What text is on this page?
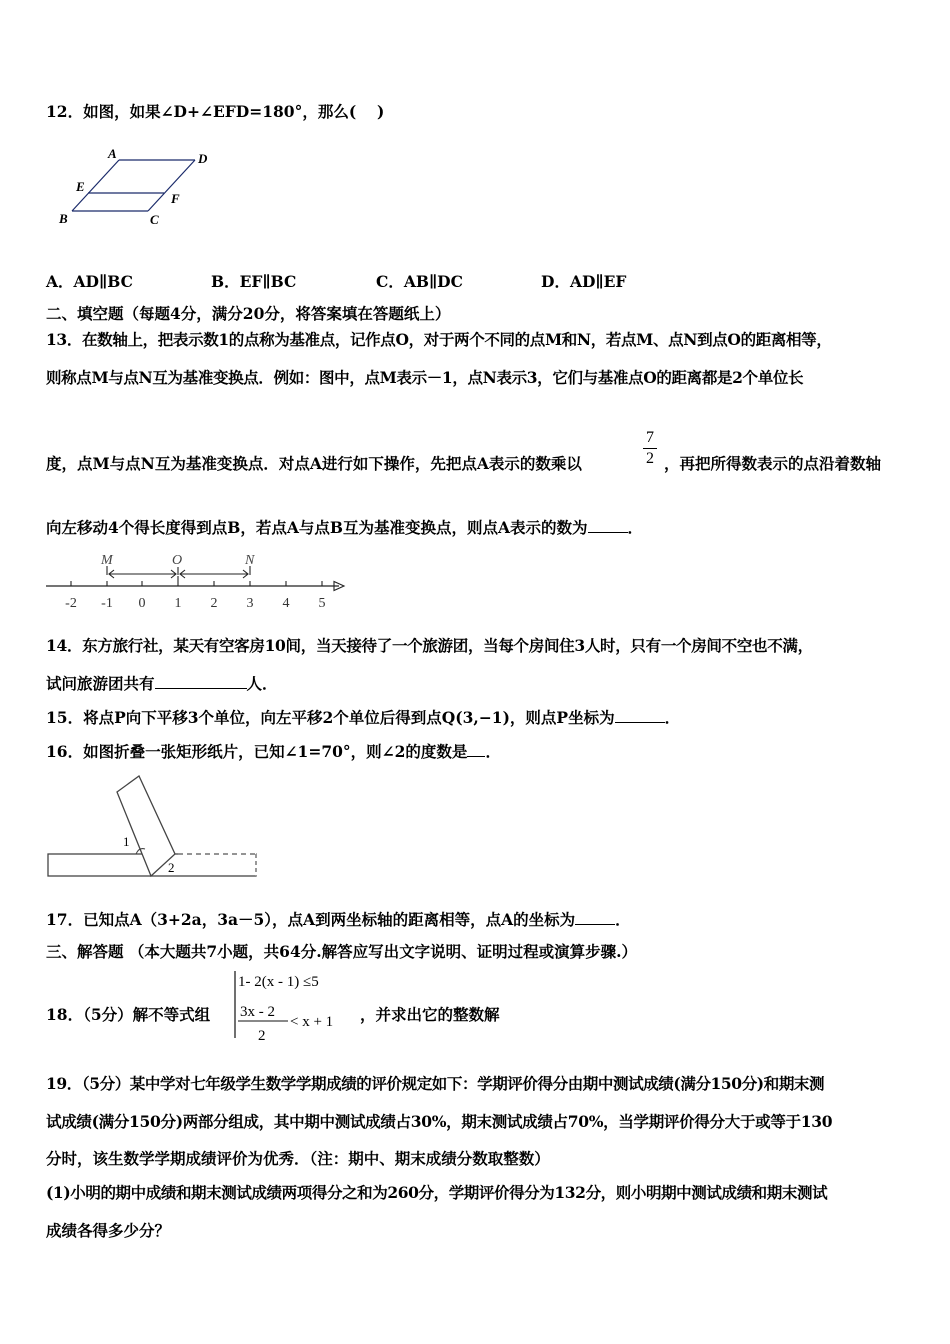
12．如图，如果∠D+∠EFD=180°，那么(　 )
A	D
E
F
B	C
A．AD∥BC	B．EF∥BC	C．AB∥DC	D．AD∥EF
二、填空题（每题4分，满分20分，将答案填在答题纸上）
13．在数轴上，把表示数1的点称为基准点，记作点O，对于两个不同的点M和N，若点M、点N到点O的距离相等，
则称点M与点N互为基准变换点．例如：图中，点M表示－1，点N表示3，它们与基准点O的距离都是2个单位长
度，点M与点N互为基准变换点．对点A进行如下操作，先把点A表示的数乘以
7
2 ，再把所得数表示的点沿着数轴
向左移动4个得长度得到点B，若点A与点B互为基准变换点，则点A表示的数为	．
M	O	N
-2 -1 0 1 2 3 4 5
14．东方旅行社，某天有空客房10间，当天接待了一个旅游团，当每个房间住3人时，只有一个房间不空也不满，
试问旅游团共有	人．
15．将点P向下平移3个单位，向左平移2个单位后得到点Q(3,−1)，则点P坐标为	．
16．如图折叠一张矩形纸片，已知∠1=70°，则∠2的度数是 ．
1
2
17．已知点A（3+2a，3a－5），点A到两坐标轴的距离相等，点A的坐标为	．
三、解答题 （本大题共7小题，共64分.解答应写出文字说明、证明过程或演算步骤.）
18．（5分）解不等式组
1- 2(x - 1) ≤5
3x - 2
2
< x + 1 ，并求出它的整数解
19．（5分）某中学对七年级学生数学学期成绩的评价规定如下：学期评价得分由期中测试成绩(满分150分)和期末测
试成绩(满分150分)两部分组成，其中期中测试成绩占30%，期末测试成绩占70%，当学期评价得分大于或等于130
分时，该生数学学期成绩评价为优秀．（注：期中、期末成绩分数取整数）
(1)小明的期中成绩和期末测试成绩两项得分之和为260分，学期评价得分为132分，则小明期中测试成绩和期末测试
成绩各得多少分？
